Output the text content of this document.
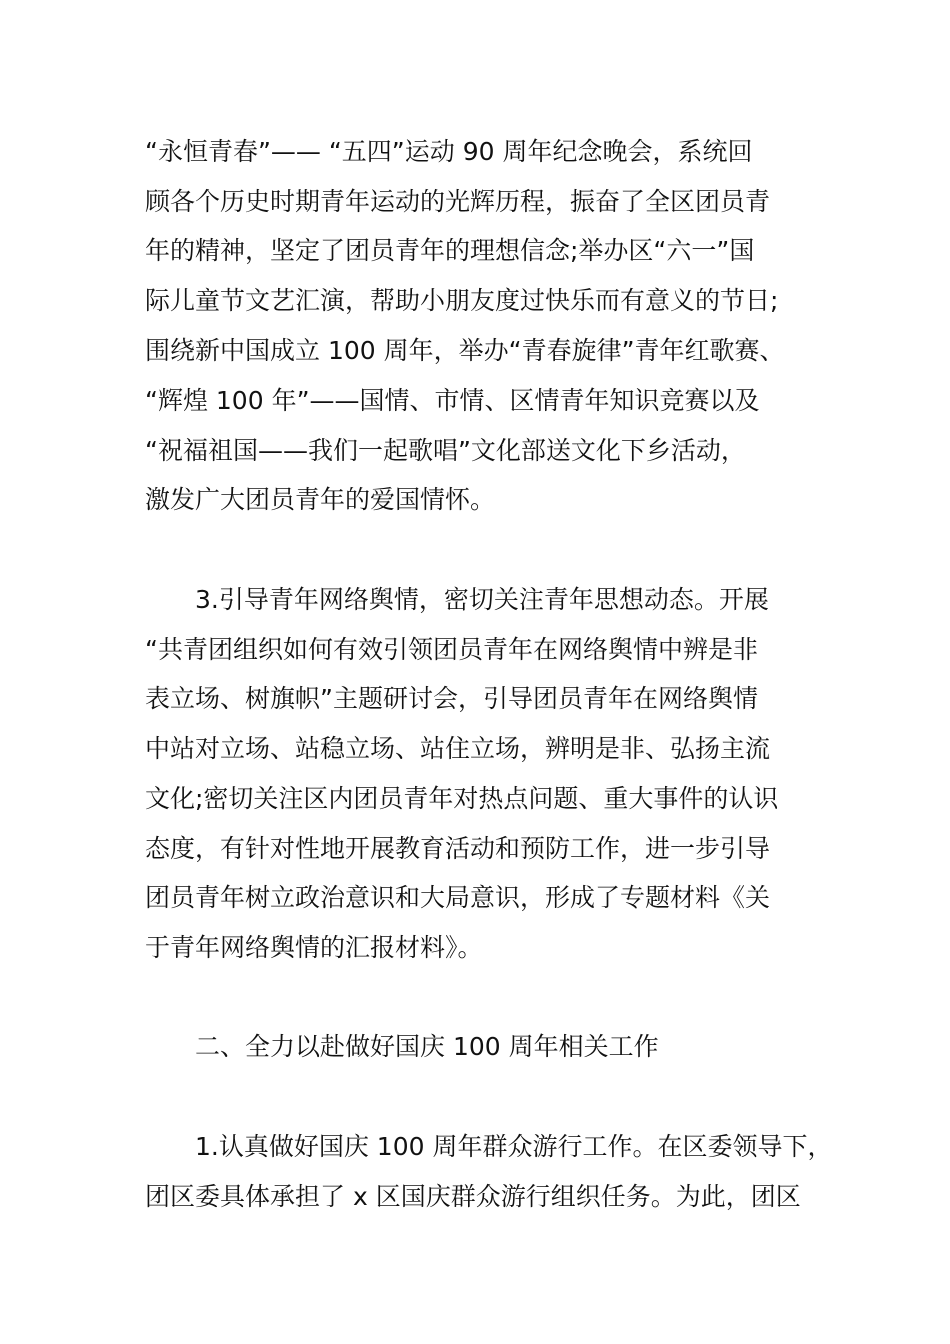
“永恒青春”—— “五四”运动 90 周年纪念晚会，系统回
顾各个历史时期青年运动的光辉历程，振奋了全区团员青
年的精神，坚定了团员青年的理想信念;举办区“六一”国
际儿童节文艺汇演，帮助小朋友度过快乐而有意义的节日;
围绕新中国成立 100 周年，举办“青春旋律”青年红歌赛、
“辉煌 100 年”——国情、市情、区情青年知识竞赛以及
“祝福祖国——我们一起歌唱”文化部送文化下乡活动，
激发广大团员青年的爱国情怀。
3.引导青年网络舆情，密切关注青年思想动态。开展
“共青团组织如何有效引领团员青年在网络舆情中辨是非
表立场、树旗帜”主题研讨会，引导团员青年在网络舆情
中站对立场、站稳立场、站住立场，辨明是非、弘扬主流
文化;密切关注区内团员青年对热点问题、重大事件的认识
态度，有针对性地开展教育活动和预防工作，进一步引导
团员青年树立政治意识和大局意识，形成了专题材料《关
于青年网络舆情的汇报材料》。
二、全力以赴做好国庆 100 周年相关工作
1.认真做好国庆 100 周年群众游行工作。在区委领导下，
团区委具体承担了 x 区国庆群众游行组织任务。为此，团区
